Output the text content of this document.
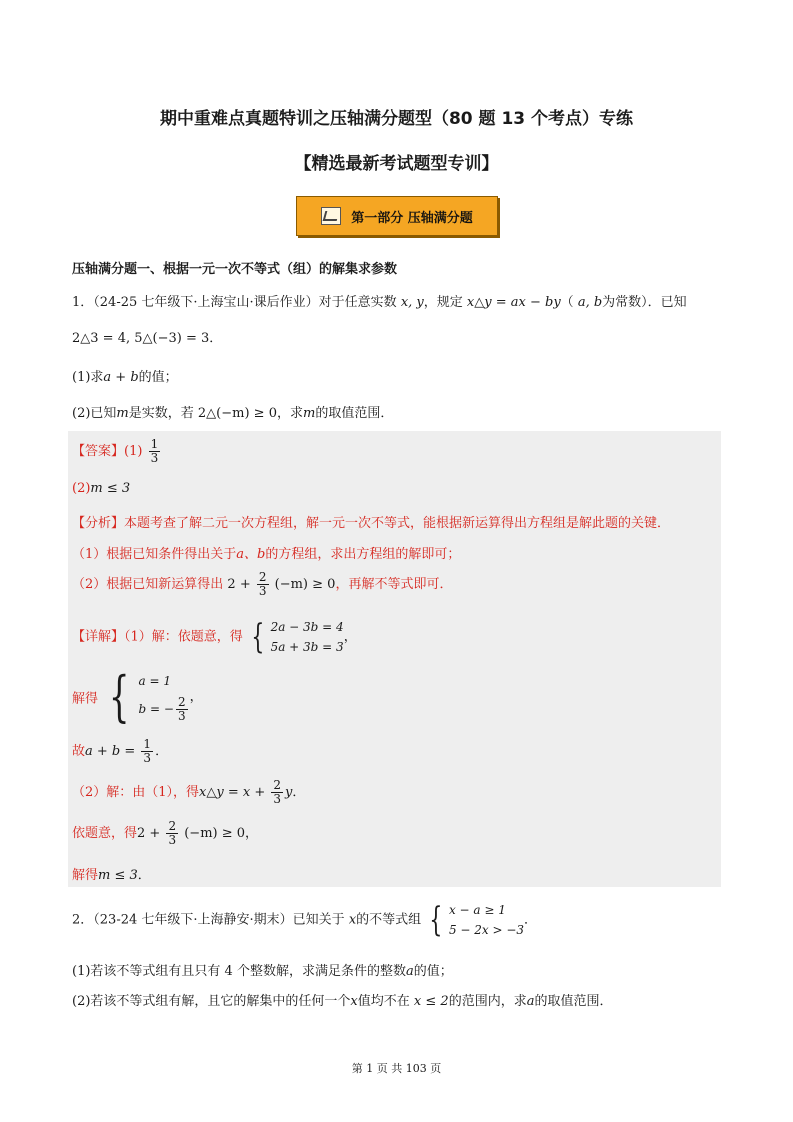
期中重难点真题特训之压轴满分题型（80 题 13 个考点）专练
【精选最新考试题型专训】
第一部分 压轴满分题
压轴满分题一、根据一元一次不等式（组）的解集求参数
1．（24-25 七年级下·上海宝山·课后作业）对于任意实数 x, y，规定 x△y = ax − by（ a, b为常数）．已知
2△3 = 4, 5△(−3) = 3．
(1)求a + b的值；
(2)已知m是实数，若 2△(−m) ≥ 0，求m的取值范围．
【答案】$(1) \frac{1}{3}$
(2)m ≤ 3
【分析】本题考查了解二元一次方程组，解一元一次不等式，能根据新运算得出方程组是解此题的关键．
（1）根据已知条件得出关于a、b的方程组，求出方程组的解即可；
（2）根据已知新运算得出 $2 + \frac{2}{3} (-m) \ge 0$，再解不等式即可．
【详解】（1）解：依题意，得 { 2a − 3b = 4
5a + 3b = 3
，
解得 { a = 1
b = − $\frac{2}{3}$ ，
故$a + b = \frac{1}{3}$ ．
（2）解：由（1），得x△y = $x + \frac{2}{3}$ y．
依题意，得$2 + \frac{2}{3} (-m) \ge 0$，
解得m ≤ 3．
2．（23-24 七年级下·上海静安·期末）已知关于 x的不等式组 { x − a ≥ 1
5 − 2x > −3
．
(1)若该不等式组有且只有 4 个整数解，求满足条件的整数a的值；
(2)若该不等式组有解，且它的解集中的任何一个x值均不在 x ≤ 2的范围内，求a的取值范围．
第 1 页 共 103 页
